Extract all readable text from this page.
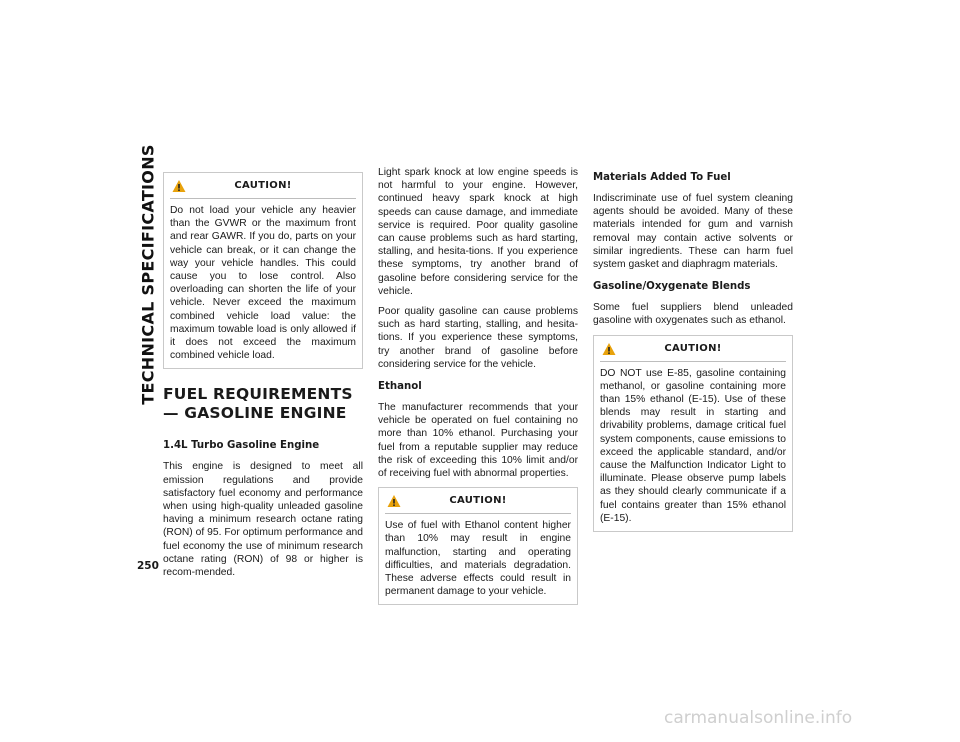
TECHNICAL SPECIFICATIONS
250
CAUTION!

Do not load your vehicle any heavier than the GVWR or the maximum front and rear GAWR. If you do, parts on your vehicle can break, or it can change the way your vehicle handles. This could cause you to lose control. Also overloading can shorten the life of your vehicle. Never exceed the maximum combined vehicle load value: the maximum towable load is only allowed if it does not exceed the maximum combined vehicle load.

FUEL REQUIREMENTS — GASOLINE ENGINE
1.4L Turbo Gasoline Engine

This engine is designed to meet all emission regulations and provide satisfactory fuel economy and performance when using high-quality unleaded gasoline having a minimum research octane rating (RON) of 95. For optimum performance and fuel economy the use of minimum research octane rating (RON) of 98 or higher is recom-mended.

Light spark knock at low engine speeds is not harmful to your engine. However, continued heavy spark knock at high speeds can cause damage, and immediate service is required. Poor quality gasoline can cause problems such as hard starting, stalling, and hesita-tions. If you experience these symptoms, try another brand of gasoline before considering service for the vehicle.

Poor quality gasoline can cause problems such as hard starting, stalling, and hesita-tions. If you experience these symptoms, try another brand of gasoline before considering service for the vehicle.

Ethanol

The manufacturer recommends that your vehicle be operated on fuel containing no more than 10% ethanol. Purchasing your fuel from a reputable supplier may reduce the risk of exceeding this 10% limit and/or of receiving fuel with abnormal properties.

CAUTION!

Use of fuel with Ethanol content higher than 10% may result in engine malfunction, starting and operating difficulties, and materials degradation. These adverse effects could result in permanent damage to your vehicle.

Materials Added To Fuel

Indiscriminate use of fuel system cleaning agents should be avoided. Many of these materials intended for gum and varnish removal may contain active solvents or similar ingredients. These can harm fuel system gasket and diaphragm materials.

Gasoline/Oxygenate Blends

Some fuel suppliers blend unleaded gasoline with oxygenates such as ethanol.

CAUTION!

DO NOT use E-85, gasoline containing methanol, or gasoline containing more than 15% ethanol (E-15). Use of these blends may result in starting and drivability problems, damage critical fuel system components, cause emissions to exceed the applicable standard, and/or cause the Malfunction Indicator Light to illuminate. Please observe pump labels as they should clearly communicate if a fuel contains greater than 15% ethanol (E-15).

carmanualsonline.info
